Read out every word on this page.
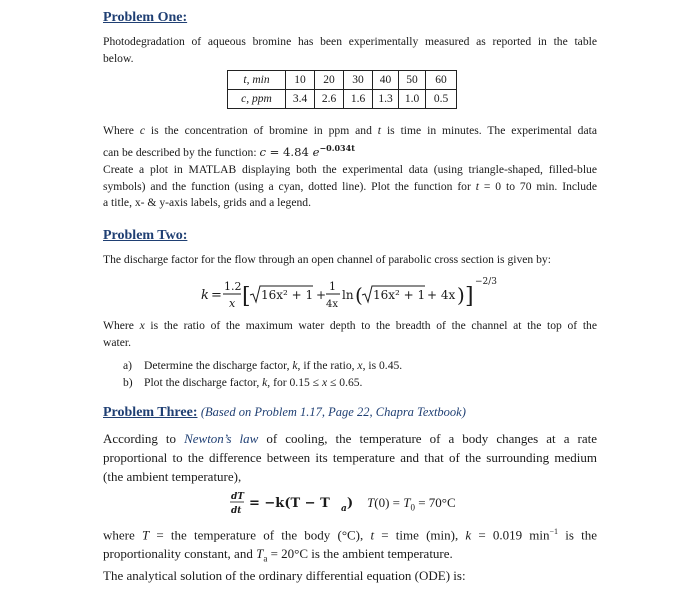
Problem One:
Photodegradation of aqueous bromine has been experimentally measured as reported in the table
below.
t, min	10	20	30	40	50	60
c, ppm	3.4	2.6	1.6	1.3	1.0	0.5
Where c is the concentration of bromine in ppm and t is time in minutes. The experimental data
can be described by the function: c = 4.84 $e^{-0.034t}$
Create a plot in MATLAB displaying both the experimental data (using triangle-shaped, filled-blue
symbols) and the function (using a cyan, dotted line). Plot the function for t = 0 to 70 min. Include
a title, x- & y-axis labels, grids and a legend.
Problem Two:
The discharge factor for the flow through an open channel of parabolic cross section is given by:
k =
1.2
x [ 16x² + 1 +
1
4x
ln ( 16x² + 1 + 4x ) ]
−2/3
Where x is the ratio of the maximum water depth to the breadth of the channel at the top of the
water.
a) Determine the discharge factor, k, if the ratio, x, is 0.45.
b) Plot the discharge factor, k, for 0.15 ≤ x ≤ 0.65.
Problem Three: (Based on Problem 1.17, Page 22, Chapra Textbook)
According to Newton’s law of cooling, the temperature of a body changes at a rate
proportional to the difference between its temperature and that of the surrounding medium
(the ambient temperature),
dT
dt = −k(T − T a ) $T(0) = T_0 = 70^\circ C$
where T = the temperature of the body (°C), t = time (min), k = 0.019 $\min^{-1}$ is the
proportionality constant, and $T_a = 20^\circ C$ is the ambient temperature.
The analytical solution of the ordinary differential equation (ODE) is:
